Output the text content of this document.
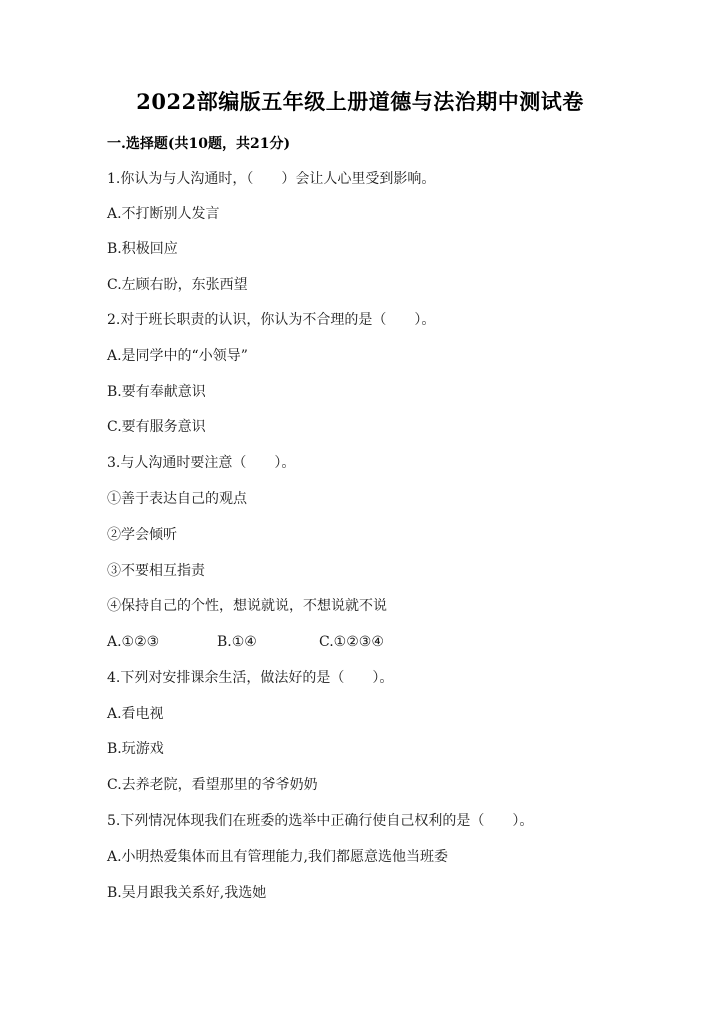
2022部编版五年级上册道德与法治期中测试卷
一.选择题(共10题，共21分)
1.你认为与人沟通时，（　　）会让人心里受到影响。
A.不打断别人发言
B.积极回应
C.左顾右盼，东张西望
2.对于班长职责的认识，你认为不合理的是（　　）。
A.是同学中的“小领导”
B.要有奉献意识
C.要有服务意识
3.与人沟通时要注意（　　）。
①善于表达自己的观点
②学会倾听
③不要相互指责
④保持自己的个性，想说就说，不想说就不说
A.①②③	B.①④	C.①②③④
4.下列对安排课余生活，做法好的是（　　）。
A.看电视
B.玩游戏
C.去养老院，看望那里的爷爷奶奶
5.下列情况体现我们在班委的选举中正确行使自己权利的是（　　）。
A.小明热爱集体而且有管理能力,我们都愿意选他当班委
B.吴月跟我关系好,我选她
